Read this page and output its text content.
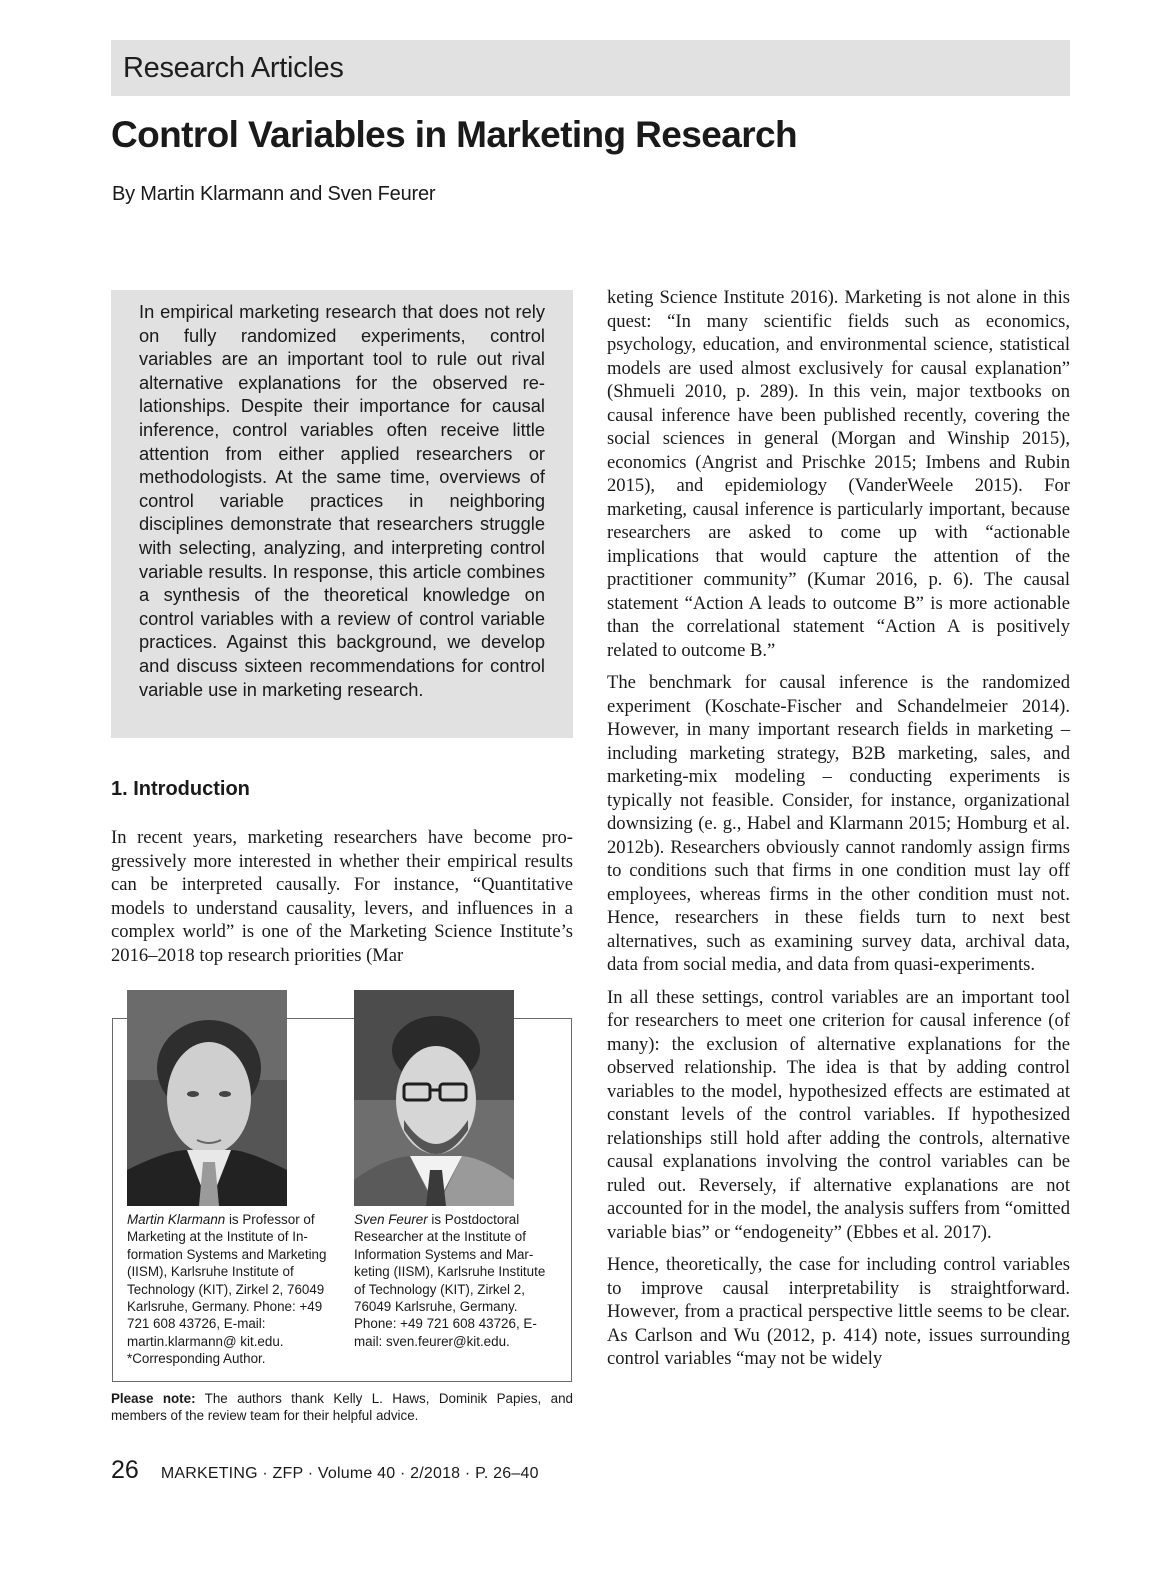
Research Articles
Control Variables in Marketing Research
By Martin Klarmann and Sven Feurer

In empirical marketing research that does not rely on fully randomized experiments, control variables are an important tool to rule out rival alternative explanations for the observed relationships. Despite their importance for causal inference, control variables often receive little attention from either applied researchers or methodologists. At the same time, overviews of control variable practices in neighboring disciplines demonstrate that researchers struggle with selecting, analyzing, and interpreting control variable results. In response, this article combines a synthesis of the theoretical knowledge on control variables with a review of control variable practices. Against this background, we develop and discuss sixteen recommendations for control variable use in marketing research.

1. Introduction

In recent years, marketing researchers have become progressively more interested in whether their empirical results can be interpreted causally. For instance, “Quantitative models to understand causality, levers, and influences in a complex world” is one of the Marketing Science Institute’s 2016–2018 top research priorities (Mar

Martin Klarmann is Professor of Marketing at the Institute of Information Systems and Marketing (IISM), Karlsruhe Institute of Technology (KIT), Zirkel 2, 76049 Karlsruhe, Germany. Phone: +49 721 608 43726, E-mail: martin.klarmann@ kit.edu. *Corresponding Author.

Sven Feurer is Postdoctoral Researcher at the Institute of Information Systems and Marketing (IISM), Karlsruhe Institute of Technology (KIT), Zirkel 2, 76049 Karlsruhe, Germany. Phone: +49 721 608 43726, E-mail: sven.feurer@kit.edu.

Please note: The authors thank Kelly L. Haws, Dominik Papies, and members of the review team for their helpful advice.
26 MARKETING · ZFP · Volume 40 · 2/2018 · P. 26–40

keting Science Institute 2016). Marketing is not alone in this quest: “In many scientific fields such as economics, psychology, education, and environmental science, statistical models are used almost exclusively for causal explanation” (Shmueli 2010, p. 289). In this vein, major textbooks on causal inference have been published recently, covering the social sciences in general (Morgan and Winship 2015), economics (Angrist and Prischke 2015; Imbens and Rubin 2015), and epidemiology (VanderWeele 2015). For marketing, causal inference is particularly important, because researchers are asked to come up with “actionable implications that would capture the attention of the practitioner community” (Kumar 2016, p. 6). The causal statement “Action A leads to outcome B” is more actionable than the correlational statement “Action A is positively related to outcome B.”

The benchmark for causal inference is the randomized experiment (Koschate-Fischer and Schandelmeier 2014). However, in many important research fields in marketing – including marketing strategy, B2B marketing, sales, and marketing-mix modeling – conducting experiments is typically not feasible. Consider, for instance, organizational downsizing (e. g., Habel and Klarmann 2015; Homburg et al. 2012b). Researchers obviously cannot randomly assign firms to conditions such that firms in one condition must lay off employees, whereas firms in the other condition must not. Hence, researchers in these fields turn to next best alternatives, such as examining survey data, archival data, data from social media, and data from quasi-experiments.

In all these settings, control variables are an important tool for researchers to meet one criterion for causal inference (of many): the exclusion of alternative explanations for the observed relationship. The idea is that by adding control variables to the model, hypothesized effects are estimated at constant levels of the control variables. If hypothesized relationships still hold after adding the controls, alternative causal explanations involving the control variables can be ruled out. Reversely, if alternative explanations are not accounted for in the model, the analysis suffers from “omitted variable bias” or “endogeneity” (Ebbes et al. 2017).

Hence, theoretically, the case for including control variables to improve causal interpretability is straightforward. However, from a practical perspective little seems to be clear. As Carlson and Wu (2012, p. 414) note, issues surrounding control variables “may not be widely
